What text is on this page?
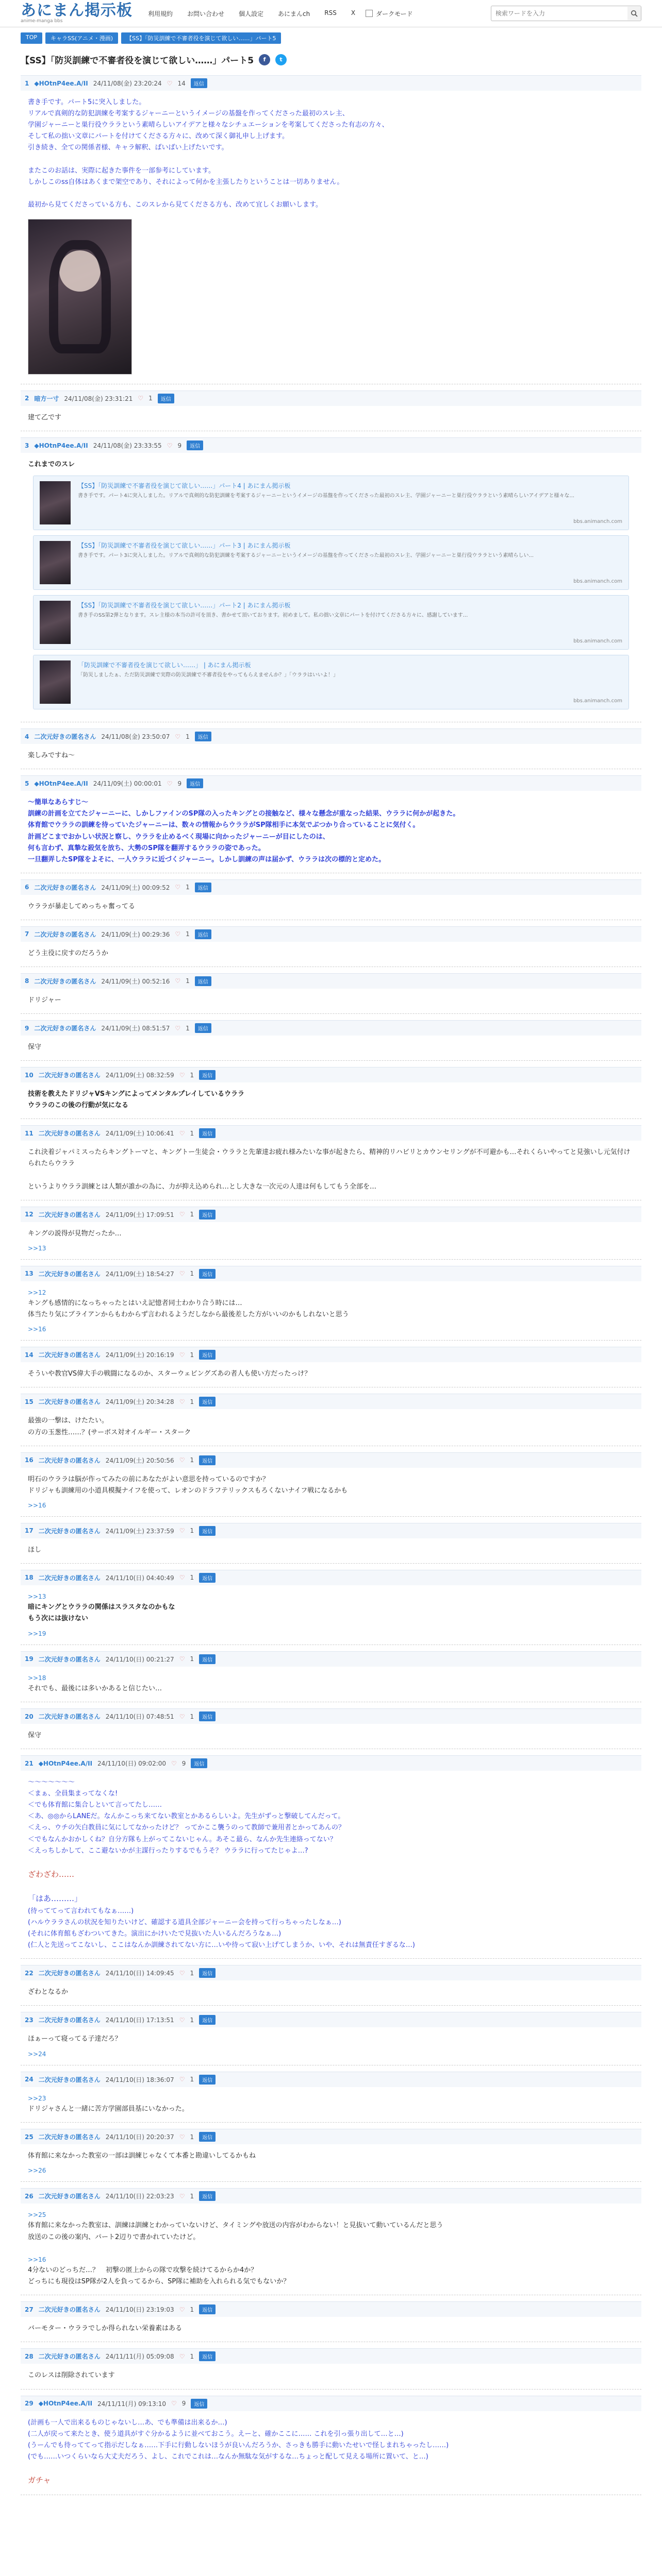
あにまん掲示板
anime-manga bbs
利用規約 お問い合わせ 個人設定 あにまんch RSS X	ダークモード
検索ワードを入力
TOP	キャラSS(アニメ・漫画)	【SS】「防災訓練で不審者役を演じて欲しい……」パート5
【SS】「防災訓練で不審者役を演じて欲しい……」パート5	f	t
1 ◆HOtnP4ee.A/II 24/11/08(金) 23:20:24 ♡ 14	返信
書き手です。パート5に突入しました。
リアルで真剣的な防犯訓練を考案するジャーニーというイメージの基盤を作ってくださった最初のスレ主、
学園ジャーニーと巣行役ウララという素晴らしいアイデアと様々なシチュエーションを考案してくださった有志の方々、
そして私の拙い文章にパートを付けてくださる方々に、改めて深く御礼申し上げます。
引き続き、全ての関係者様、キャラ解釈、ばいばい上げたいです。

またこのお話は、実際に起きた事件を一部参考にしています。
しかしこのss自体はあくまで架空であり、それによって何かを主張したりということは一切ありません。

最初から見てくださっている方も、このスレから見てくださる方も、改めて宜しくお願いします。
2 暗方一寸 24/11/08(金) 23:31:21 ♡ 1	返信
建て乙です
3 ◆HOtnP4ee.A/II 24/11/08(金) 23:33:55 ♡ 9	返信
これまでのスレ
【SS】「防災訓練で不審者役を演じて欲しい……」パート4 | あにまん掲示板
書き手です。パート4に突入しました。リアルで真剣的な防犯訓練を考案するジャーニーというイメージの基盤を作ってくださった最初のスレ主、学園ジャーニーと巣行役ウララという素晴らしいアイデアと様々な...
bbs.animanch.com
【SS】「防災訓練で不審者役を演じて欲しい……」パート3 | あにまん掲示板
書き手です。パート3に突入しました。リアルで真剣的な防犯訓練を考案するジャーニーというイメージの基盤を作ってくださった最初のスレ主、学園ジャーニーと巣行役ウララという素晴らしい...
bbs.animanch.com
【SS】「防災訓練で不審者役を演じて欲しい……」パート2 | あにまん掲示板
書き手のSS第2弾となります。スレ主様の本当の許可を頂き、書かせて頂いております。初めまして。私の拙い文章にパートを付けてくださる方々に、感謝しています...
bbs.animanch.com
「防災訓練で不審者役を演じて欲しい……」 | あにまん掲示板
「防災しましたぁ、ただ防災訓練で実際の防災訓練で不審者役をやってもらえませんか？」「ウララはいいよ！」
bbs.animanch.com
4 二次元好きの匿名さん 24/11/08(金) 23:50:07 ♡ 1	返信
楽しみですね〜
5 ◆HOtnP4ee.A/II 24/11/09(土) 00:00:01 ♡ 9	返信
〜簡単なあらすじ〜
訓練の計画を立てたジャーニーに、しかしファインのSP隊の入ったキングとの接触など、様々な懸念が重なった結果、ウララに何かが起きた。
体育館でウララの訓練を待っていたジャーニーは、数々の情報からウララがSP隊相手に本気でぶつかり合っていることに気付く。
計画どこまでおかしい状況と察し、ウララを止めるべく現場に向かったジャーニーが目にしたのは、
何も言わず、真摯な殺気を放ち、大勢のSP隊を翻弄するウララの姿であった。
一旦翻弄したSP隊をよそに、一人ウララに近づくジャーニー。しかし訓練の声は届かず、ウララは次の標的と定めた。
6 二次元好きの匿名さん 24/11/09(土) 00:09:52 ♡ 1	返信
ウララが暴走してめっちゃ奮ってる
7 二次元好きの匿名さん 24/11/09(土) 00:29:36 ♡ 1	返信
どう主役に戻すのだろうか
8 二次元好きの匿名さん 24/11/09(土) 00:52:16 ♡ 1	返信
ドリジャー
9 二次元好きの匿名さん 24/11/09(土) 08:51:57 ♡ 1	返信
保守
10 二次元好きの匿名さん 24/11/09(土) 08:32:59 ♡ 1	返信
技術を教えたドリジャVSキングによってメンタルプレイしているウララ
ウララのこの後の行動が気になる
11 二次元好きの匿名さん 24/11/09(土) 10:06:41 ♡ 1	返信
これ決着ジャパミスったらキングトーマと、キングトー生徒会・ウララと先輩達お疲れ様みたいな事が起きたら、精神的リハビリとカウンセリングが不可避かも…それくらいやってと見強いし元気付けられたらウララ

というよりウララ訓練とは人類が誰かの為に、力が抑え込められ…とし大きな一次元の人達は何もしてもう全部を…
12 二次元好きの匿名さん 24/11/09(土) 17:09:51 ♡ 1	返信
キングの説得が見物だったか…
>>13
13 二次元好きの匿名さん 24/11/09(土) 18:54:27 ♡ 1	返信
>>12
キングも感情的になっちゃったとはいえ記憶者同士わかり合う時には…
体当たり気にブライアンからもわからず言われるようだしなから最後差した方がいいのかもしれないと思う
>>16
14 二次元好きの匿名さん 24/11/09(土) 20:16:19 ♡ 1	返信
そういや教官VS偉大手の戦闘になるのか、スターウェビングズあの者人も使い方だったっけ？
15 二次元好きの匿名さん 24/11/09(土) 20:34:28 ♡ 1	返信
最強の一撃は、けたたい。
の方の玉葱性……？(サーボス対オイルギー・スターク
16 二次元好きの匿名さん 24/11/09(土) 20:50:56 ♡ 1	返信
明石のウララは脳が作ってみたの前にあなたがよい意思を持っているのですか？
ドリジャも訓練用の小道具模擬ナイフを使って、レオンのドラフテリックスもろくないナイフ戦になるかも
>>16
17 二次元好きの匿名さん 24/11/09(土) 23:37:59 ♡ 1	返信
ほし
18 二次元好きの匿名さん 24/11/10(日) 04:40:49 ♡ 1	返信
>>13
暗にキングとウララの関係はスラスタなのかもな
もう次には抜けない
>>19
19 二次元好きの匿名さん 24/11/10(日) 00:21:27 ♡ 1	返信
>>18
それでも、最後には多いかあると信じたい…
20 二次元好きの匿名さん 24/11/10(日) 07:48:51 ♡ 1	返信
保守
21 ◆HOtnP4ee.A/II 24/11/10(日) 09:02:00 ♡ 9	返信
〜〜〜〜〜〜〜
＜まぁ、全員集まってなくな!
＜でも体育館に集合しといて言ってたし……
＜あ、◎◎からLANEだ。なんかこっち来てない教室とかあるらしいよ。先生がずっと撃破してんだって。
＜えっ、ウチの矢白教員に気にしてなかったけど？ ってかここ襲うのって教師で兼用者とかってあんの？
＜でもなんかおかしくね？自分方隊も上がってこないじゃん。あそこ最ら、なんか先生連絡ってない？
＜えっちしかして、ここ避ないかが主謀行ったりするでもうそ？ ウララに行ってたじゃよ…?

ざわざわ……

「はあ………」
(待っててって言われてもなぁ……)
(ハルウララさんの状況を知りたいけど、確認する道具全部ジャーニー会を持って行っちゃったしなぁ…)
(それに体育館もざわついてきた。演出にかけいたで見抜いた人いるんだろうなぁ…)
(仁人と先送ってこないし、ここはなんか訓練されてない方に…いや待って寂い上げてしまうか、いや、それは無責任すぎるな…)
22 二次元好きの匿名さん 24/11/10(日) 14:09:45 ♡ 1	返信
ざわとなるか
23 二次元好きの匿名さん 24/11/10(日) 17:13:51 ♡ 1	返信
ほぁーって寝ってる子達だろ？
>>24
24 二次元好きの匿名さん 24/11/10(日) 18:36:07 ♡ 1	返信
>>23
ドリジャさんと一緒に苦方学園部員基にいなかった。
25 二次元好きの匿名さん 24/11/10(日) 20:20:37 ♡ 1	返信
体育館に来なかった教室の一部は訓練じゃなくて本番と勘違いしてるかもね
>>26
26 二次元好きの匿名さん 24/11/10(日) 22:03:23 ♡ 1	返信
>>25
体育館に来なかった教室は、訓練は訓練とわかっていないけど、タイミングや放送の内容がわからない！と見抜いて動いているんだと思う
放送のこの後の案内、パート2辺りで書かれていたけど。

>>16
4分ないのどっちだ…？　初撃の匿上からの隊で攻撃を続けてるからか4か？
どっちにも現役はSP隊が2人を負ってるから、SP隊に補助を入れられる気でもないか？
27 二次元好きの匿名さん 24/11/10(日) 23:19:03 ♡ 1	返信
バーモター・ウララでしか得られない栄養素はある
28 二次元好きの匿名さん 24/11/11(月) 05:09:08 ♡ 1	返信
このレスは削除されています
29 ◆HOtnP4ee.A/II 24/11/11(月) 09:13:10 ♡ 9	返信
(計画も一人で出来るものじゃないし…あ、でも準備は出来るか…)
(二人が戻って来たとき、使う道具がすぐ分かるように並べておこう。えーと、確かここに…… これを引っ張り出して…と…)
(うーんでも待っててって指示だしなぁ……下手に行動しないほうが良いんだろうか、さっきも勝手に動いたせいで怪しまれちゃったし……)
(でも……いつくらいなら大丈夫だろう、よし、これでこれは…なんか無駄な気がするな…ちょっと配して見える場所に置いて、と…)

ガチャ
